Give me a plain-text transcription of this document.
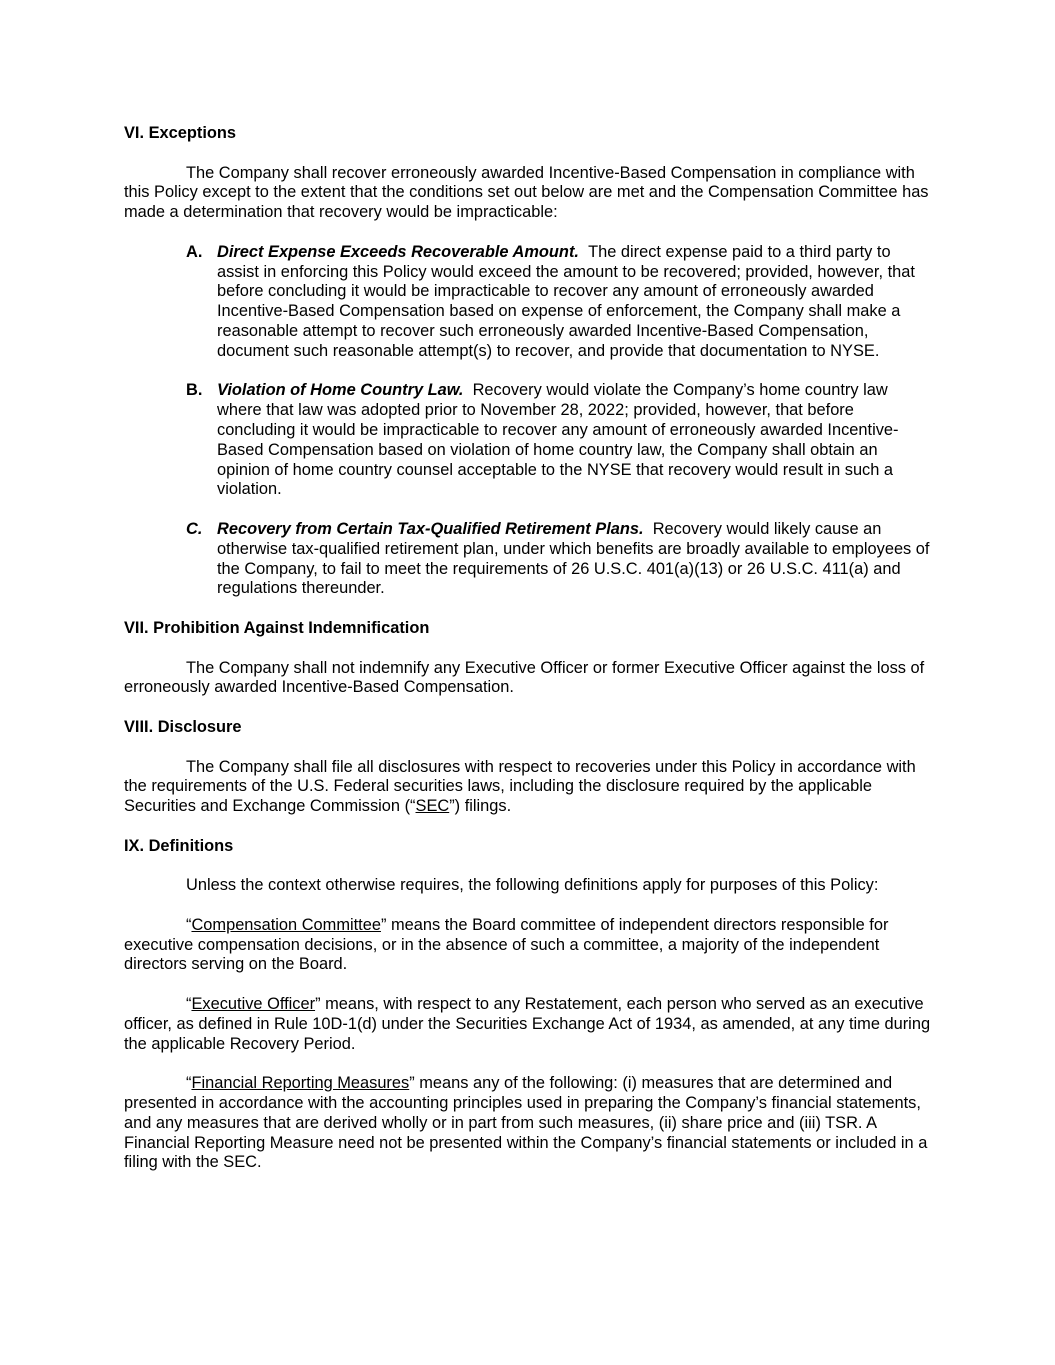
VI. Exceptions

The Company shall recover erroneously awarded Incentive-Based Compensation in compliance with this Policy except to the extent that the conditions set out below are met and the Compensation Committee has made a determination that recovery would be impracticable:

A. Direct Expense Exceeds Recoverable Amount. The direct expense paid to a third party to assist in enforcing this Policy would exceed the amount to be recovered; provided, however, that before concluding it would be impracticable to recover any amount of erroneously awarded Incentive-Based Compensation based on expense of enforcement, the Company shall make a reasonable attempt to recover such erroneously awarded Incentive-Based Compensation, document such reasonable attempt(s) to recover, and provide that documentation to NYSE.

B. Violation of Home Country Law. Recovery would violate the Company’s home country law where that law was adopted prior to November 28, 2022; provided, however, that before concluding it would be impracticable to recover any amount of erroneously awarded Incentive-Based Compensation based on violation of home country law, the Company shall obtain an opinion of home country counsel acceptable to the NYSE that recovery would result in such a violation.

C. Recovery from Certain Tax-Qualified Retirement Plans. Recovery would likely cause an otherwise tax-qualified retirement plan, under which benefits are broadly available to employees of the Company, to fail to meet the requirements of 26 U.S.C. 401(a)(13) or 26 U.S.C. 411(a) and regulations thereunder.

VII. Prohibition Against Indemnification

The Company shall not indemnify any Executive Officer or former Executive Officer against the loss of erroneously awarded Incentive-Based Compensation.

VIII. Disclosure

The Company shall file all disclosures with respect to recoveries under this Policy in accordance with the requirements of the U.S. Federal securities laws, including the disclosure required by the applicable Securities and Exchange Commission (“SEC”) filings.

IX. Definitions

Unless the context otherwise requires, the following definitions apply for purposes of this Policy:

“Compensation Committee” means the Board committee of independent directors responsible for executive compensation decisions, or in the absence of such a committee, a majority of the independent directors serving on the Board.

“Executive Officer” means, with respect to any Restatement, each person who served as an executive officer, as defined in Rule 10D-1(d) under the Securities Exchange Act of 1934, as amended, at any time during the applicable Recovery Period.

“Financial Reporting Measures” means any of the following: (i) measures that are determined and presented in accordance with the accounting principles used in preparing the Company’s financial statements, and any measures that are derived wholly or in part from such measures, (ii) share price and (iii) TSR. A Financial Reporting Measure need not be presented within the Company’s financial statements or included in a filing with the SEC.
